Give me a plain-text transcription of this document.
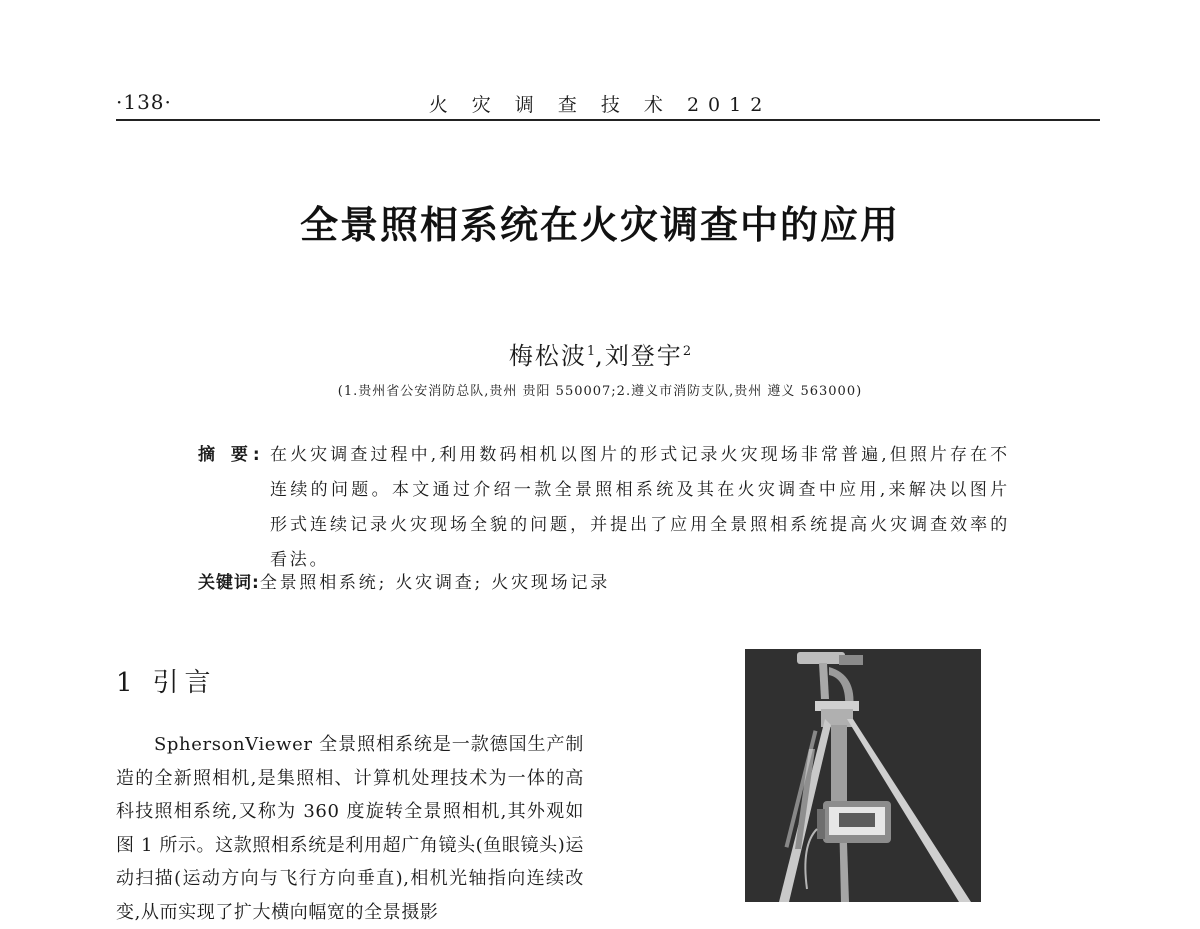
·138·	火 灾 调 查 技 术 2012
全景照相系统在火灾调查中的应用
梅松波$^1$,刘登宇$^2$
(1.贵州省公安消防总队,贵州 贵阳 550007;2.遵义市消防支队,贵州 遵义 563000)
摘 要: 在火灾调查过程中,利用数码相机以图片的形式记录火灾现场非常普遍,但照片存在不连续的问题。本文通过介绍一款全景照相系统及其在火灾调查中应用,来解决以图片形式连续记录火灾现场全貌的问题，并提出了应用全景照相系统提高火灾调查效率的看法。
关键词:全景照相系统; 火灾调查; 火灾现场记录
1 引言
SphersonViewer 全景照相系统是一款德国生产制造的全新照相机,是集照相、计算机处理技术为一体的高科技照相系统,又称为 360 度旋转全景照相机,其外观如图 1 所示。这款照相系统是利用超广角镜头(鱼眼镜头)运动扫描(运动方向与飞行方向垂直),相机光轴指向连续改变,从而实现了扩大横向幅宽的全景摄影
